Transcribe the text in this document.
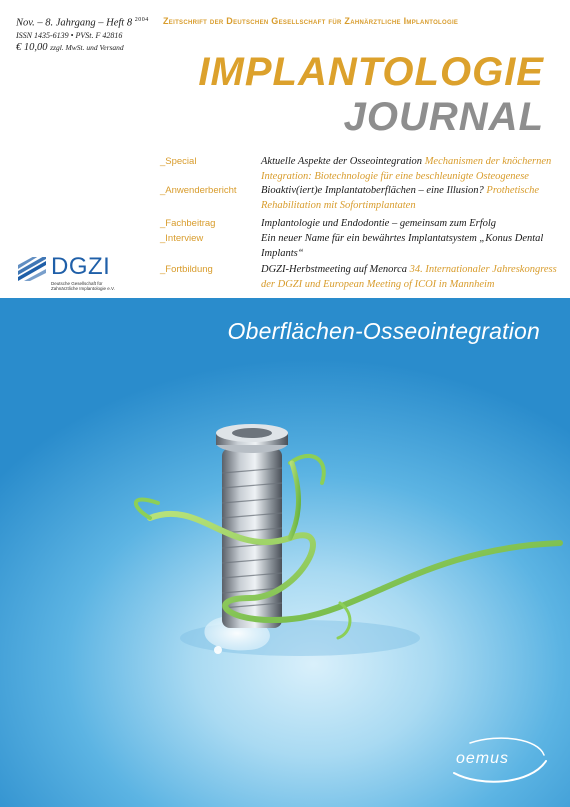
Nov. – 8. Jahrgang – Heft 8 $^{2004}$
ISSN 1435-6139 • PVSt. F 42816
€ 10,00 zzgl. MwSt. und Versand
Zeitschrift der Deutschen Gesellschaft für Zahnärztliche Implantologie
IMPLANTOLOGIE
JOURNAL
_Special	Aktuelle Aspekte der Osseointegration Mechanismen der knöchernen Integration: Biotechnologie für eine beschleunigte Osteogenese
_Anwenderbericht Bioaktiv(iert)e Implantatoberflächen – eine Illusion? Prothetische Rehabilitation mit Sofortimplantaten
_Fachbeitrag	Implantologie und Endodontie – gemeinsam zum Erfolg
_Interview	Ein neuer Name für ein bewährtes Implantatsystem „Konus Dental Implants“
_Fortbildung	DGZI-Herbstmeeting auf Menorca 34. Internationaler Jahreskongress der DGZI und European Meeting of ICOI in Mannheim
DGZI
Deutsche Gesellschaft für
Zahnärztliche Implantologie e.V.
Oberflächen-Osseointegration
oemus
